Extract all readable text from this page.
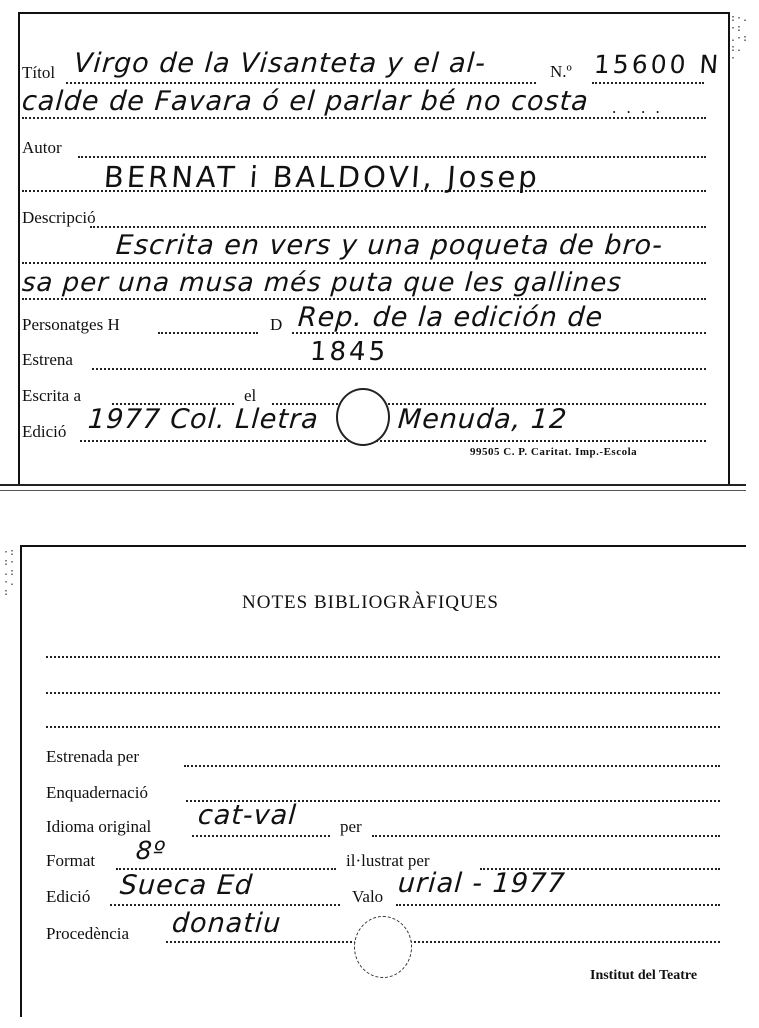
:·.
·:
.·:
:.
·
·:
:·
.:
·.
:
Títol Virgo de la Visanteta y el al-	N.º 15600 N
calde de Favara ó el parlar bé no costa . . . .
Autor
BERNAT i BALDOVI, Josep
Descripció
Escrita en vers y una poqueta de bro-
sa per una musa més puta que les gallines
Personatges H	D Rep. de la edición de
Estrena	1845
Escrita a	el
Edició 1977 Col. Lletra	Menuda, 12
99505 C. P. Caritat. Imp.-Escola
NOTES BIBLIOGRÀFIQUES
Estrenada per
Enquadernació
Idioma original cat-val per
Format 8º	il·lustrat per
Edició Sueca Ed	Valo urial - 1977
Procedència donatiu
Institut del Teatre
